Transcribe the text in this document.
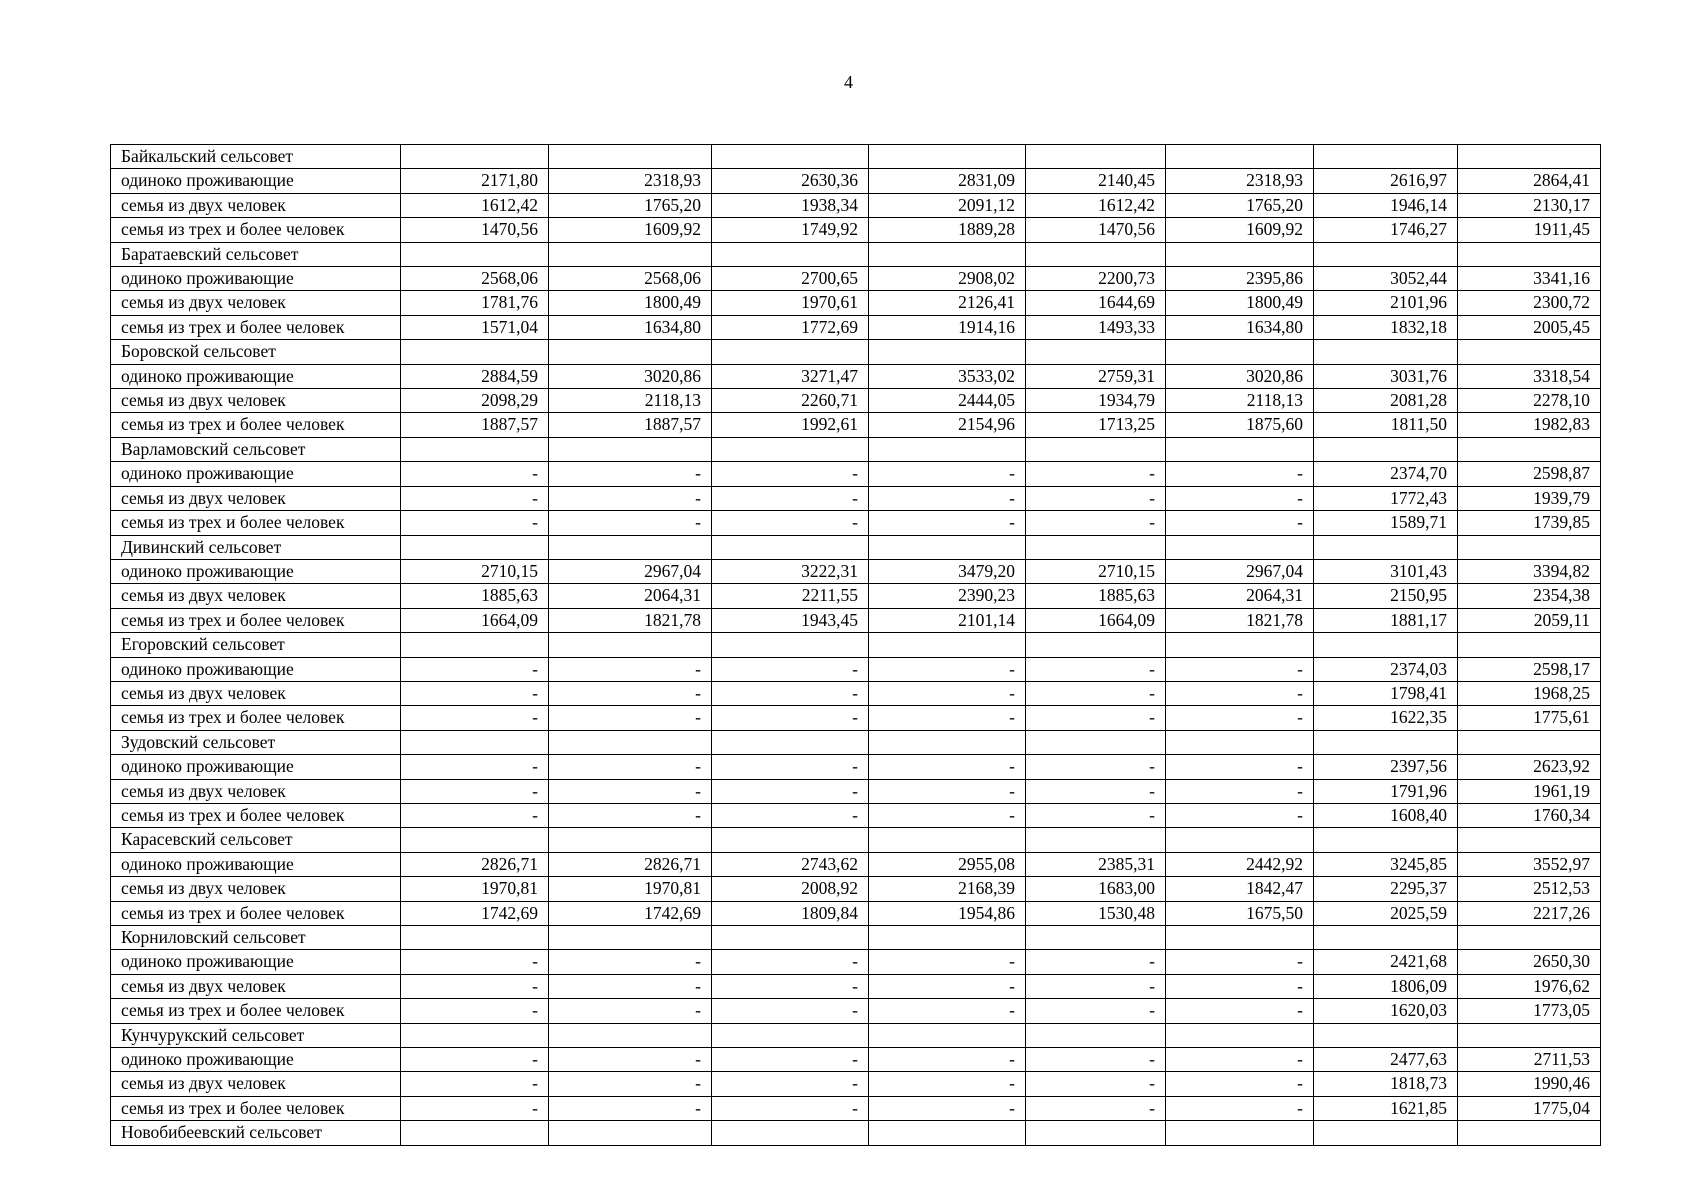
4
Байкальский сельсовет								
одиноко проживающие	2171,80	2318,93	2630,36	2831,09	2140,45	2318,93	2616,97	2864,41
семья из двух человек	1612,42	1765,20	1938,34	2091,12	1612,42	1765,20	1946,14	2130,17
семья из трех и более человек	1470,56	1609,92	1749,92	1889,28	1470,56	1609,92	1746,27	1911,45
Баратаевский сельсовет								
одиноко проживающие	2568,06	2568,06	2700,65	2908,02	2200,73	2395,86	3052,44	3341,16
семья из двух человек	1781,76	1800,49	1970,61	2126,41	1644,69	1800,49	2101,96	2300,72
семья из трех и более человек	1571,04	1634,80	1772,69	1914,16	1493,33	1634,80	1832,18	2005,45
Боровской сельсовет								
одиноко проживающие	2884,59	3020,86	3271,47	3533,02	2759,31	3020,86	3031,76	3318,54
семья из двух человек	2098,29	2118,13	2260,71	2444,05	1934,79	2118,13	2081,28	2278,10
семья из трех и более человек	1887,57	1887,57	1992,61	2154,96	1713,25	1875,60	1811,50	1982,83
Варламовский сельсовет								
одиноко проживающие	-	-	-	-	-	-	2374,70	2598,87
семья из двух человек	-	-	-	-	-	-	1772,43	1939,79
семья из трех и более человек	-	-	-	-	-	-	1589,71	1739,85
Дивинский сельсовет								
одиноко проживающие	2710,15	2967,04	3222,31	3479,20	2710,15	2967,04	3101,43	3394,82
семья из двух человек	1885,63	2064,31	2211,55	2390,23	1885,63	2064,31	2150,95	2354,38
семья из трех и более человек	1664,09	1821,78	1943,45	2101,14	1664,09	1821,78	1881,17	2059,11
Егоровский сельсовет								
одиноко проживающие	-	-	-	-	-	-	2374,03	2598,17
семья из двух человек	-	-	-	-	-	-	1798,41	1968,25
семья из трех и более человек	-	-	-	-	-	-	1622,35	1775,61
Зудовский сельсовет								
одиноко проживающие	-	-	-	-	-	-	2397,56	2623,92
семья из двух человек	-	-	-	-	-	-	1791,96	1961,19
семья из трех и более человек	-	-	-	-	-	-	1608,40	1760,34
Карасевский сельсовет								
одиноко проживающие	2826,71	2826,71	2743,62	2955,08	2385,31	2442,92	3245,85	3552,97
семья из двух человек	1970,81	1970,81	2008,92	2168,39	1683,00	1842,47	2295,37	2512,53
семья из трех и более человек	1742,69	1742,69	1809,84	1954,86	1530,48	1675,50	2025,59	2217,26
Корниловский сельсовет								
одиноко проживающие	-	-	-	-	-	-	2421,68	2650,30
семья из двух человек	-	-	-	-	-	-	1806,09	1976,62
семья из трех и более человек	-	-	-	-	-	-	1620,03	1773,05
Кунчурукский сельсовет								
одиноко проживающие	-	-	-	-	-	-	2477,63	2711,53
семья из двух человек	-	-	-	-	-	-	1818,73	1990,46
семья из трех и более человек	-	-	-	-	-	-	1621,85	1775,04
Новобибеевский сельсовет								
